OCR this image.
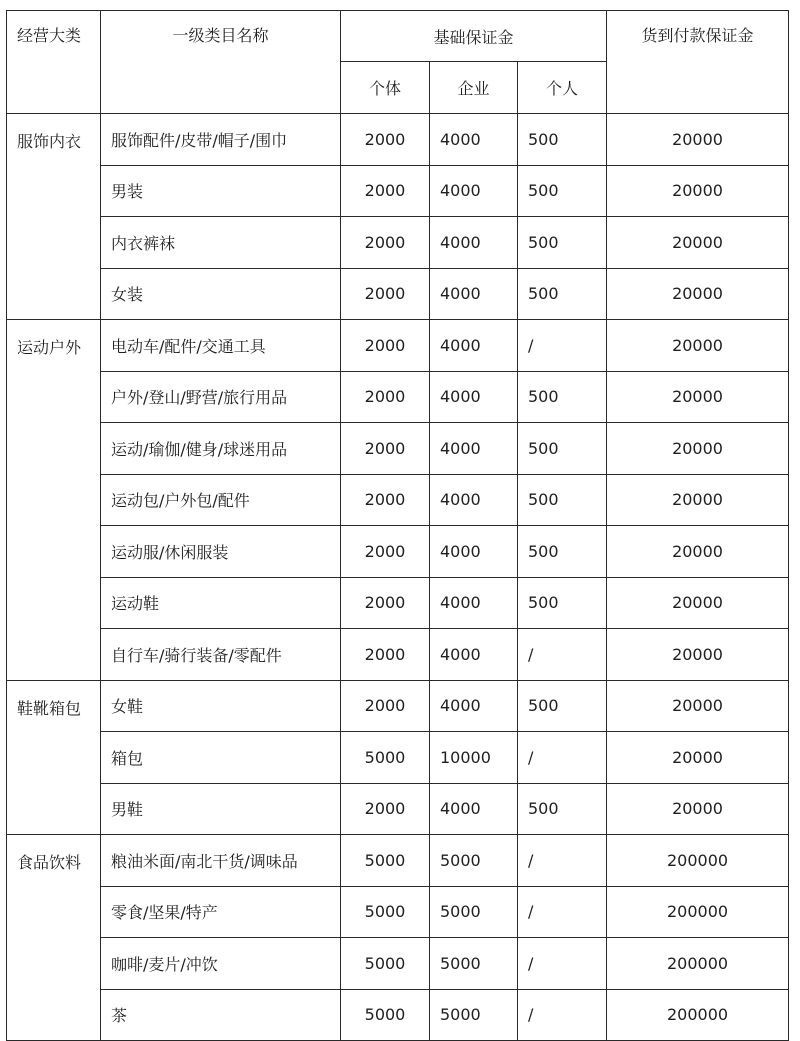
经营大类	一级类目名称	基础保证金			货到付款保证金
		个体	企业	个人	
服饰内衣	服饰配件/皮带/帽子/围巾	2000	4000	500	20000
	男装	2000	4000	500	20000
	内衣裤袜	2000	4000	500	20000
	女装	2000	4000	500	20000
运动户外	电动车/配件/交通工具	2000	4000	/	20000
	户外/登山/野营/旅行用品	2000	4000	500	20000
	运动/瑜伽/健身/球迷用品	2000	4000	500	20000
	运动包/户外包/配件	2000	4000	500	20000
	运动服/休闲服装	2000	4000	500	20000
	运动鞋	2000	4000	500	20000
	自行车/骑行装备/零配件	2000	4000	/	20000
鞋靴箱包	女鞋	2000	4000	500	20000
	箱包	5000	10000	/	20000
	男鞋	2000	4000	500	20000
食品饮料	粮油米面/南北干货/调味品	5000	5000	/	200000
	零食/坚果/特产	5000	5000	/	200000
	咖啡/麦片/冲饮	5000	5000	/	200000
	茶	5000	5000	/	200000
